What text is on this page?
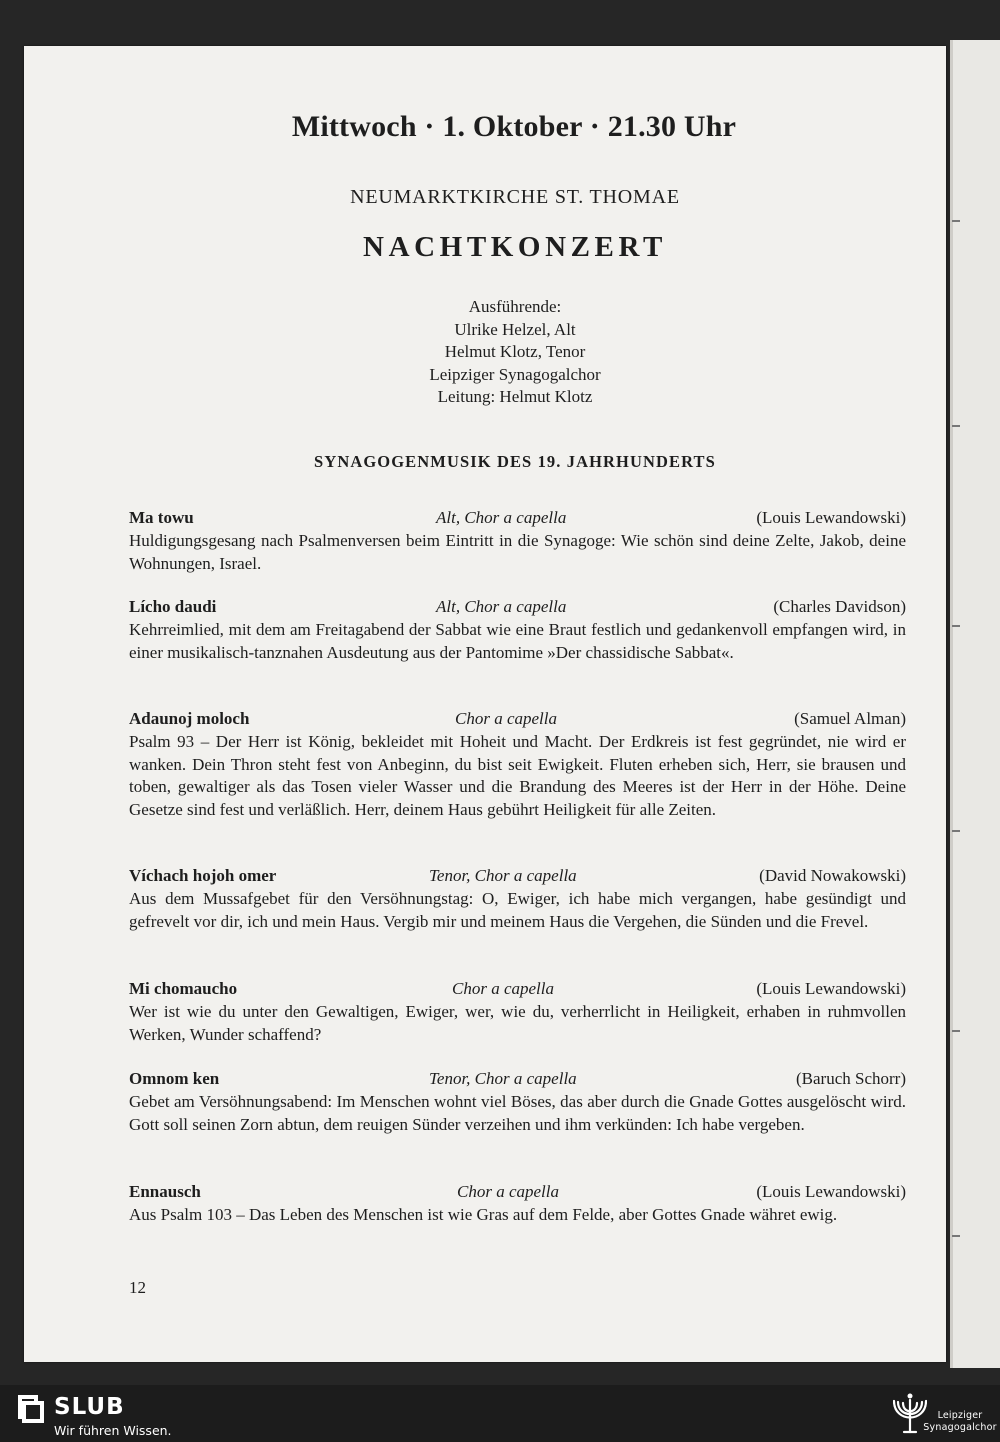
Mittwoch · 1. Oktober · 21.30 Uhr
NEUMARKTKIRCHE ST. THOMAE
NACHTKONZERT
Ausführende:
Ulrike Helzel, Alt
Helmut Klotz, Tenor
Leipziger Synagogalchor
Leitung: Helmut Klotz
SYNAGOGENMUSIK DES 19. JAHRHUNDERTS
Ma towu	Alt, Chor a capella	(Louis Lewandowski)

Huldigungsgesang nach Psalmenversen beim Eintritt in die Synagoge: Wie schön sind deine Zelte, Jakob, deine Wohnungen, Israel.

Lícho daudi	Alt, Chor a capella	(Charles Davidson)

Kehrreimlied, mit dem am Freitagabend der Sabbat wie eine Braut festlich und gedankenvoll empfangen wird, in einer musikalisch-tanznahen Ausdeutung aus der Pantomime »Der chassidische Sabbat«.

Adaunoj moloch	Chor a capella	(Samuel Alman)

Psalm 93 – Der Herr ist König, bekleidet mit Hoheit und Macht. Der Erdkreis ist fest gegründet, nie wird er wanken. Dein Thron steht fest von Anbeginn, du bist seit Ewigkeit. Fluten erheben sich, Herr, sie brausen und toben, gewaltiger als das Tosen vieler Wasser und die Brandung des Meeres ist der Herr in der Höhe. Deine Gesetze sind fest und verläßlich. Herr, deinem Haus gebührt Heiligkeit für alle Zeiten.

Víchach hojoh omer	Tenor, Chor a capella	(David Nowakowski)

Aus dem Mussafgebet für den Versöhnungstag: O, Ewiger, ich habe mich vergangen, habe gesündigt und gefrevelt vor dir, ich und mein Haus. Vergib mir und meinem Haus die Vergehen, die Sünden und die Frevel.

Mi chomaucho	Chor a capella	(Louis Lewandowski)

Wer ist wie du unter den Gewaltigen, Ewiger, wer, wie du, verherrlicht in Heiligkeit, erhaben in ruhmvollen Werken, Wunder schaffend?

Omnom ken	Tenor, Chor a capella	(Baruch Schorr)

Gebet am Versöhnungsabend: Im Menschen wohnt viel Böses, das aber durch die Gnade Gottes ausgelöscht wird. Gott soll seinen Zorn abtun, dem reuigen Sünder verzeihen und ihm verkünden: Ich habe vergeben.

Ennausch	Chor a capella	(Louis Lewandowski)

Aus Psalm 103 – Das Leben des Menschen ist wie Gras auf dem Felde, aber Gottes Gnade währet ewig.

12
SLUB
Wir führen Wissen.
Leipziger
Synagogalchor
